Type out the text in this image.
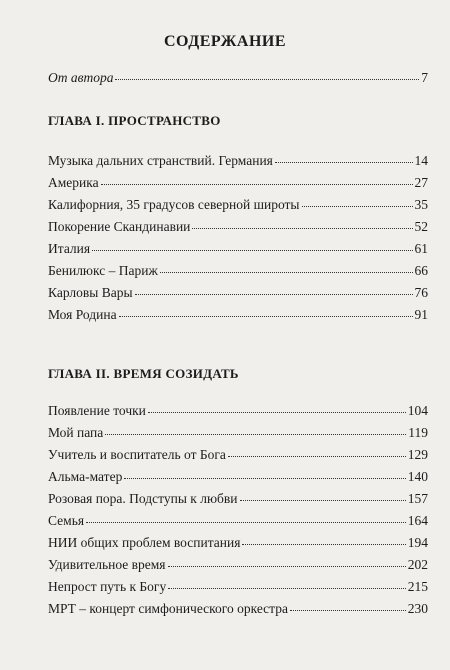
СОДЕРЖАНИЕ
От автора	7
ГЛАВА I. ПРОСТРАНСТВО
Музыка дальних странствий. Германия	14
Америка	27
Калифорния, 35 градусов северной широты	35
Покорение Скандинавии	52
Италия	61
Бенилюкс – Париж	66
Карловы Вары	76
Моя Родина	91
ГЛАВА II. ВРЕМЯ СОЗИДАТЬ
Появление точки	104
Мой папа	119
Учитель и воспитатель от Бога	129
Альма-матер	140
Розовая пора. Подступы к любви	157
Семья	164
НИИ общих проблем воспитания	194
Удивительное время	202
Непрост путь к Богу	215
МРТ – концерт симфонического оркестра	230
